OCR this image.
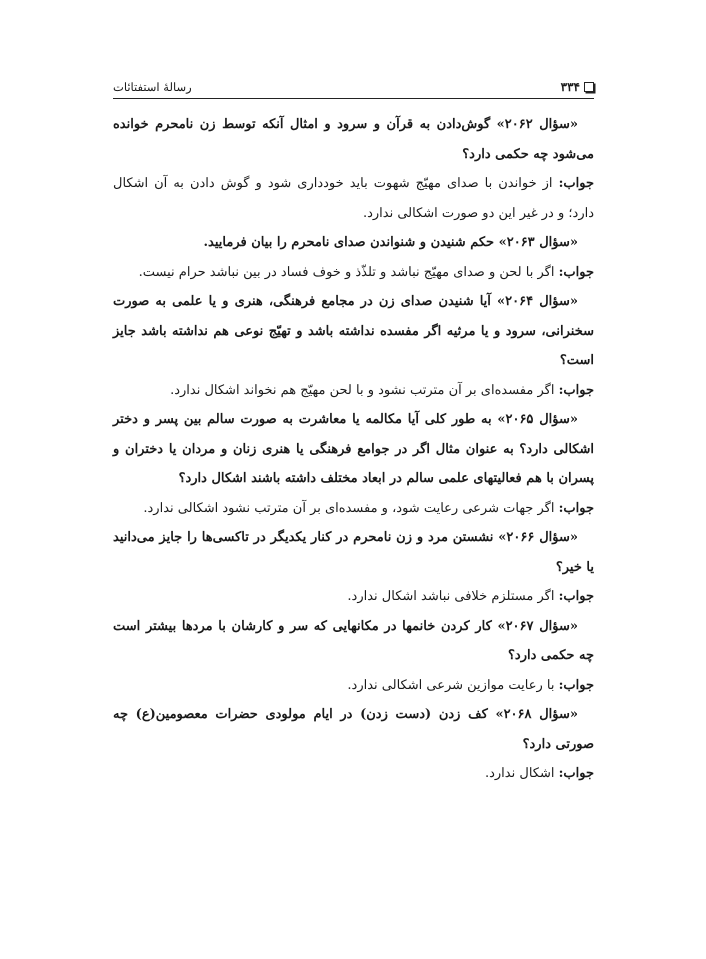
۳۳۴
رسالهٔ استفتائات

«سؤال ۲۰۶۲» گوش‌دادن به قرآن و سرود و امثال آنکه توسط زن نامحرم خوانده می‌شود چه حکمی دارد؟

جواب: از خواندن با صدای مهیّج شهوت باید خودداری شود و گوش دادن به آن اشکال دارد؛ و در غیر این دو صورت اشکالی ندارد.

«سؤال ۲۰۶۳» حکم شنیدن و شنواندن صدای نامحرم را بیان فرمایید.

جواب: اگر با لحن و صدای مهیّج نباشد و تلذّذ و خوف فساد در بین نباشد حرام نیست.

«سؤال ۲۰۶۴» آیا شنیدن صدای زن در مجامع فرهنگی، هنری و یا علمی به صورت سخنرانی، سرود و یا مرثیه اگر مفسده نداشته باشد و تهیّج نوعی هم نداشته باشد جایز است؟

جواب: اگر مفسده‌ای بر آن مترتب نشود و با لحن مهیّج هم نخواند اشکال ندارد.

«سؤال ۲۰۶۵» به طور کلی آیا مکالمه یا معاشرت به صورت سالم بین پسر و دختر اشکالی دارد؟ به عنوان مثال اگر در جوامع فرهنگی یا هنری زنان و مردان یا دختران و پسران با هم فعالیتهای علمی سالم در ابعاد مختلف داشته باشند اشکال دارد؟

جواب: اگر جهات شرعی رعایت شود، و مفسده‌ای بر آن مترتب نشود اشکالی ندارد.

«سؤال ۲۰۶۶» نشستن مرد و زن نامحرم در کنار یکدیگر در تاکسی‌ها را جایز می‌دانید یا خیر؟

جواب: اگر مستلزم خلافی نباشد اشکال ندارد.

«سؤال ۲۰۶۷» کار کردن خانمها در مکانهایی که سر و کارشان با مردها بیشتر است چه حکمی دارد؟

جواب: با رعایت موازین شرعی اشکالی ندارد.

«سؤال ۲۰۶۸» کف زدن (دست زدن) در ایام مولودی حضرات معصومین(ع) چه صورتی دارد؟

جواب: اشکال ندارد.
